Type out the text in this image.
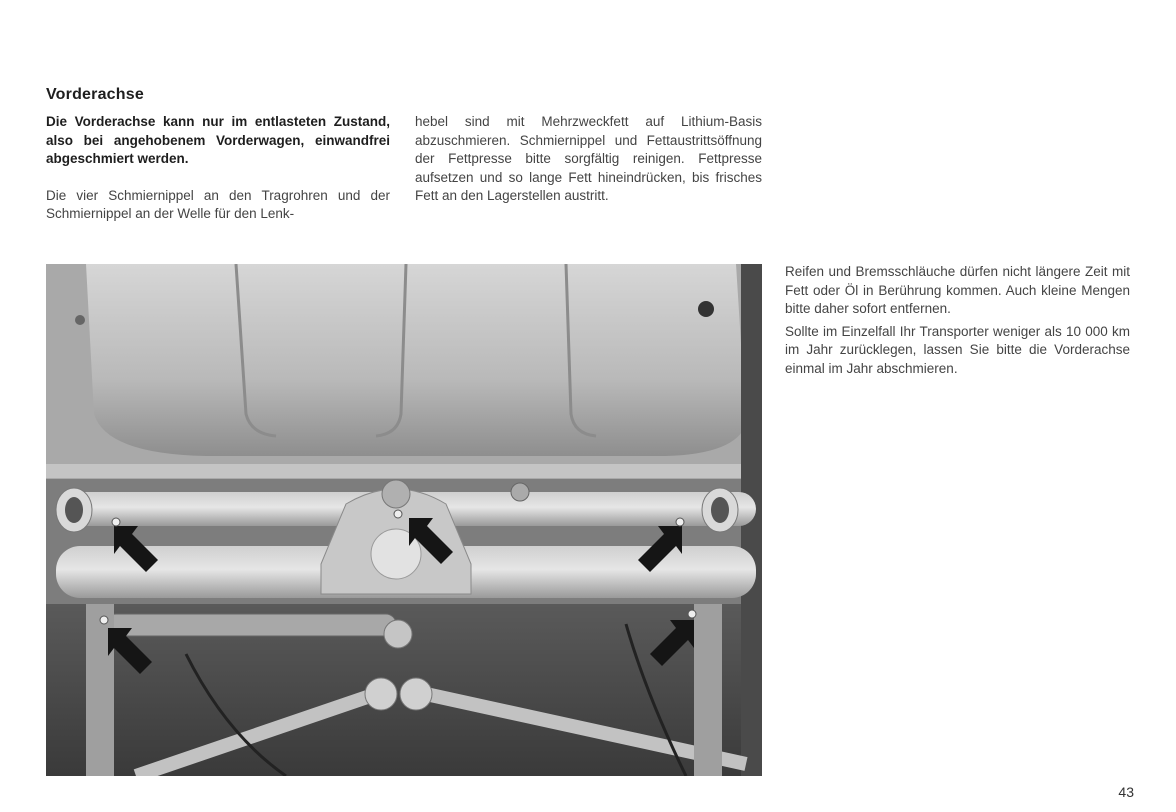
Vorderachse

Die Vorderachse kann nur im entlasteten Zustand, also bei angehobenem Vorderwagen, einwandfrei abgeschmiert werden.

Die vier Schmiernippel an den Tragrohren und der Schmiernippel an der Welle für den Lenk-

hebel sind mit Mehrzweckfett auf Lithium-Basis abzuschmieren. Schmiernippel und Fettaustrittsöffnung der Fettpresse bitte sorgfältig reinigen. Fettpresse aufsetzen und so lange Fett hineindrücken, bis frisches Fett an den Lagerstellen austritt.

Reifen und Bremsschläuche dürfen nicht längere Zeit mit Fett oder Öl in Berührung kommen. Auch kleine Mengen bitte daher sofort entfernen.

Sollte im Einzelfall Ihr Transporter weniger als 10 000 km im Jahr zurücklegen, lassen Sie bitte die Vorderachse einmal im Jahr abschmieren.

43
